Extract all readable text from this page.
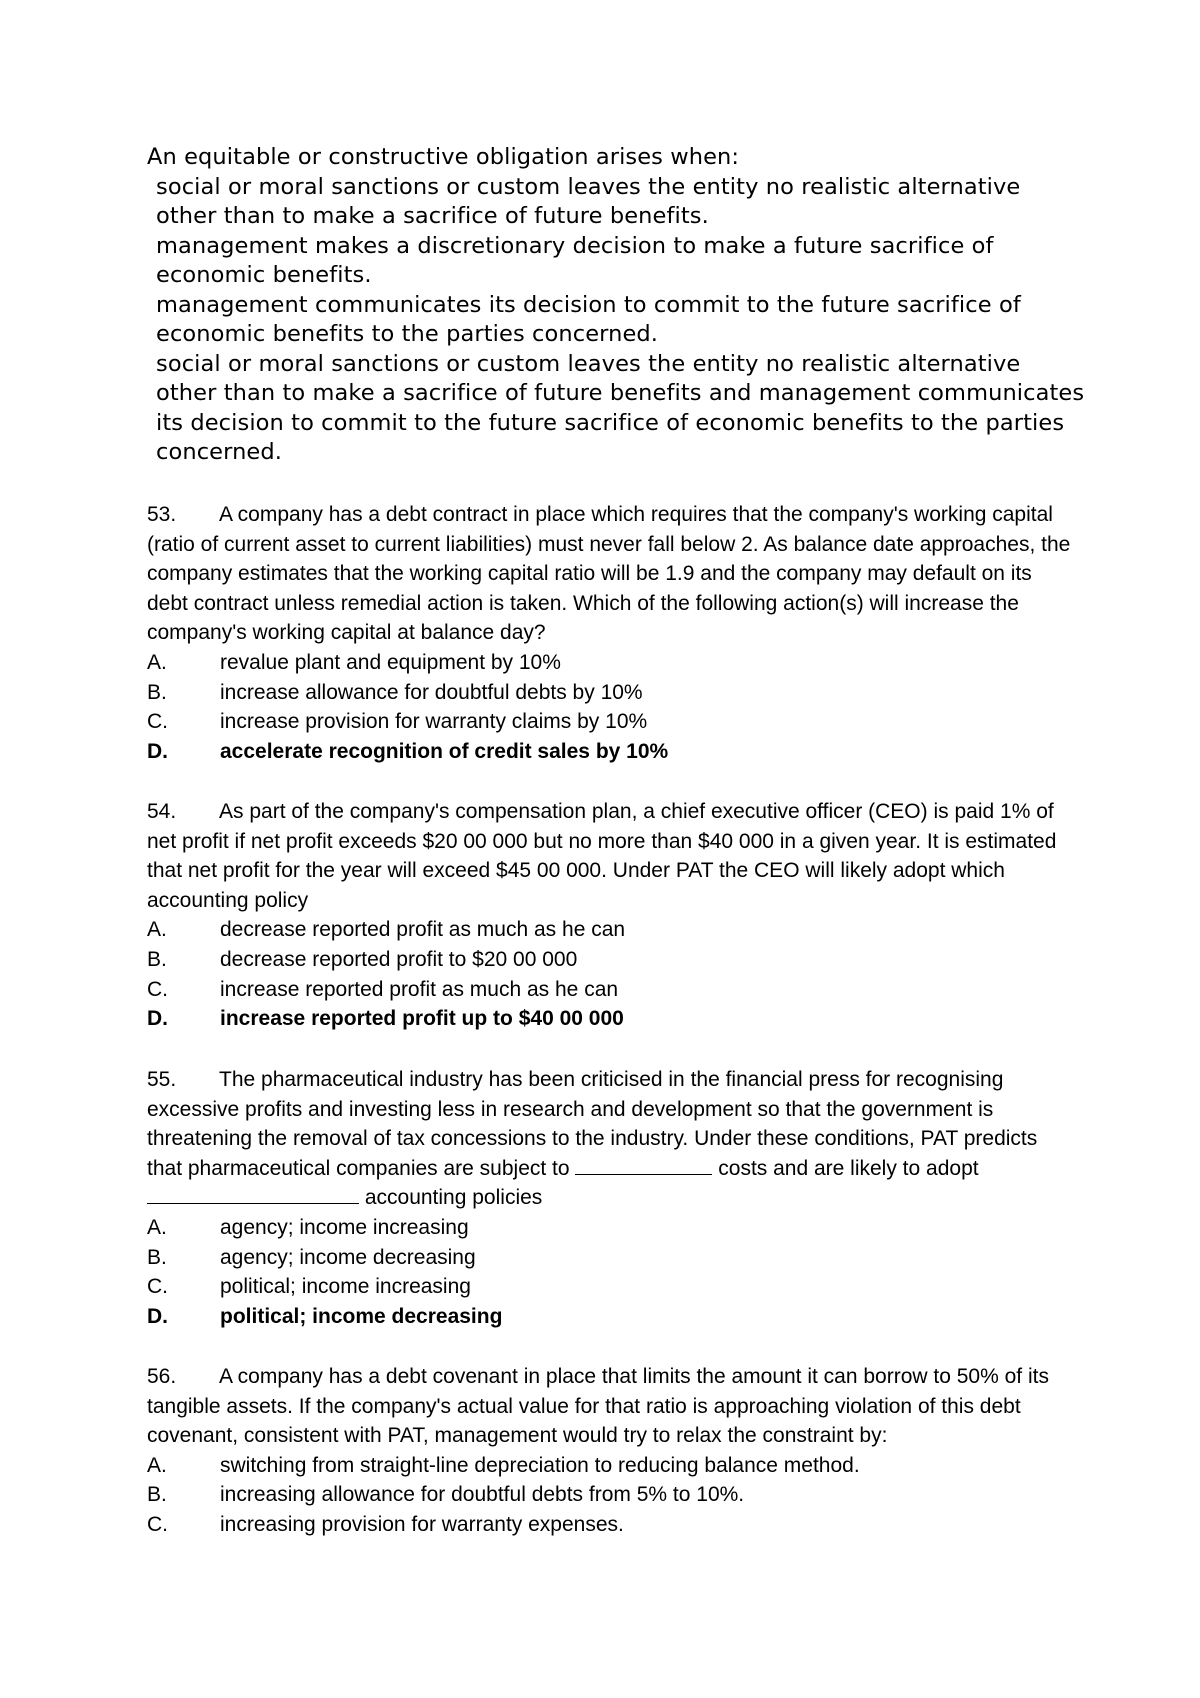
An equitable or constructive obligation arises when:

social or moral sanctions or custom leaves the entity no realistic alternative other than to make a sacrifice of future benefits.

management makes a discretionary decision to make a future sacrifice of economic benefits.

management communicates its decision to commit to the future sacrifice of economic benefits to the parties concerned.

social or moral sanctions or custom leaves the entity no realistic alternative other than to make a sacrifice of future benefits and management communicates its decision to commit to the future sacrifice of economic benefits to the parties concerned.

53. A company has a debt contract in place which requires that the company's working capital (ratio of current asset to current liabilities) must never fall below 2. As balance date approaches, the company estimates that the working capital ratio will be 1.9 and the company may default on its debt contract unless remedial action is taken. Which of the following action(s) will increase the company's working capital at balance day?

A.	revalue plant and equipment by 10%
B.	increase allowance for doubtful debts by 10%
C.	increase provision for warranty claims by 10%
D.	accelerate recognition of credit sales by 10%

54. As part of the company's compensation plan, a chief executive officer (CEO) is paid 1% of net profit if net profit exceeds $20 00 000 but no more than $40 000 in a given year. It is estimated that net profit for the year will exceed $45 00 000. Under PAT the CEO will likely adopt which accounting policy

A.	decrease reported profit as much as he can
B.	decrease reported profit to $20 00 000
C.	increase reported profit as much as he can
D.	increase reported profit up to $40 00 000

55. The pharmaceutical industry has been criticised in the financial press for recognising excessive profits and investing less in research and development so that the government is threatening the removal of tax concessions to the industry. Under these conditions, PAT predicts that pharmaceutical companies are subject to	costs and are likely to adopt  accounting policies

A.	agency; income increasing
B.	agency; income decreasing
C.	political; income increasing
D.	political; income decreasing

56. A company has a debt covenant in place that limits the amount it can borrow to 50% of its tangible assets. If the company's actual value for that ratio is approaching violation of this debt covenant, consistent with PAT, management would try to relax the constraint by:

A.	switching from straight-line depreciation to reducing balance method.
B.	increasing allowance for doubtful debts from 5% to 10%.
C.	increasing provision for warranty expenses.
